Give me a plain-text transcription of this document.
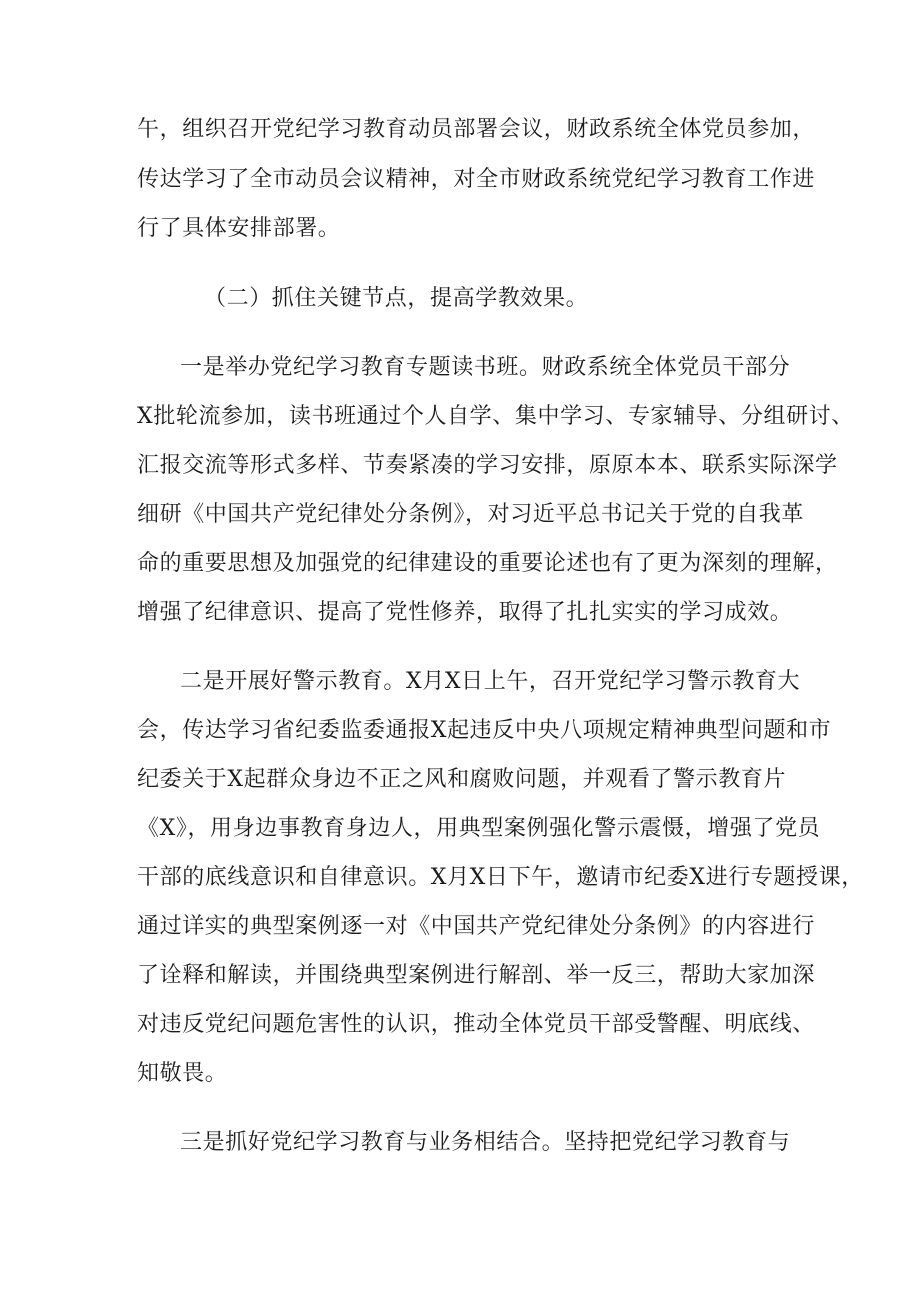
午，组织召开党纪学习教育动员部署会议，财政系统全体党员参加，
传达学习了全市动员会议精神，对全市财政系统党纪学习教育工作进
行了具体安排部署。
（二）抓住关键节点，提高学教效果。
一是举办党纪学习教育专题读书班。财政系统全体党员干部分
X批轮流参加，读书班通过个人自学、集中学习、专家辅导、分组研讨、
汇报交流等形式多样、节奏紧凑的学习安排，原原本本、联系实际深学
细研《中国共产党纪律处分条例》，对习近平总书记关于党的自我革
命的重要思想及加强党的纪律建设的重要论述也有了更为深刻的理解，
增强了纪律意识、提高了党性修养，取得了扎扎实实的学习成效。
二是开展好警示教育。X月X日上午，召开党纪学习警示教育大
会，传达学习省纪委监委通报X起违反中央八项规定精神典型问题和市
纪委关于X起群众身边不正之风和腐败问题，并观看了警示教育片
《X》，用身边事教育身边人，用典型案例强化警示震慑，增强了党员
干部的底线意识和自律意识。X月X日下午，邀请市纪委X进行专题授课，
通过详实的典型案例逐一对《中国共产党纪律处分条例》的内容进行
了诠释和解读，并围绕典型案例进行解剖、举一反三，帮助大家加深
对违反党纪问题危害性的认识，推动全体党员干部受警醒、明底线、
知敬畏。
三是抓好党纪学习教育与业务相结合。坚持把党纪学习教育与
